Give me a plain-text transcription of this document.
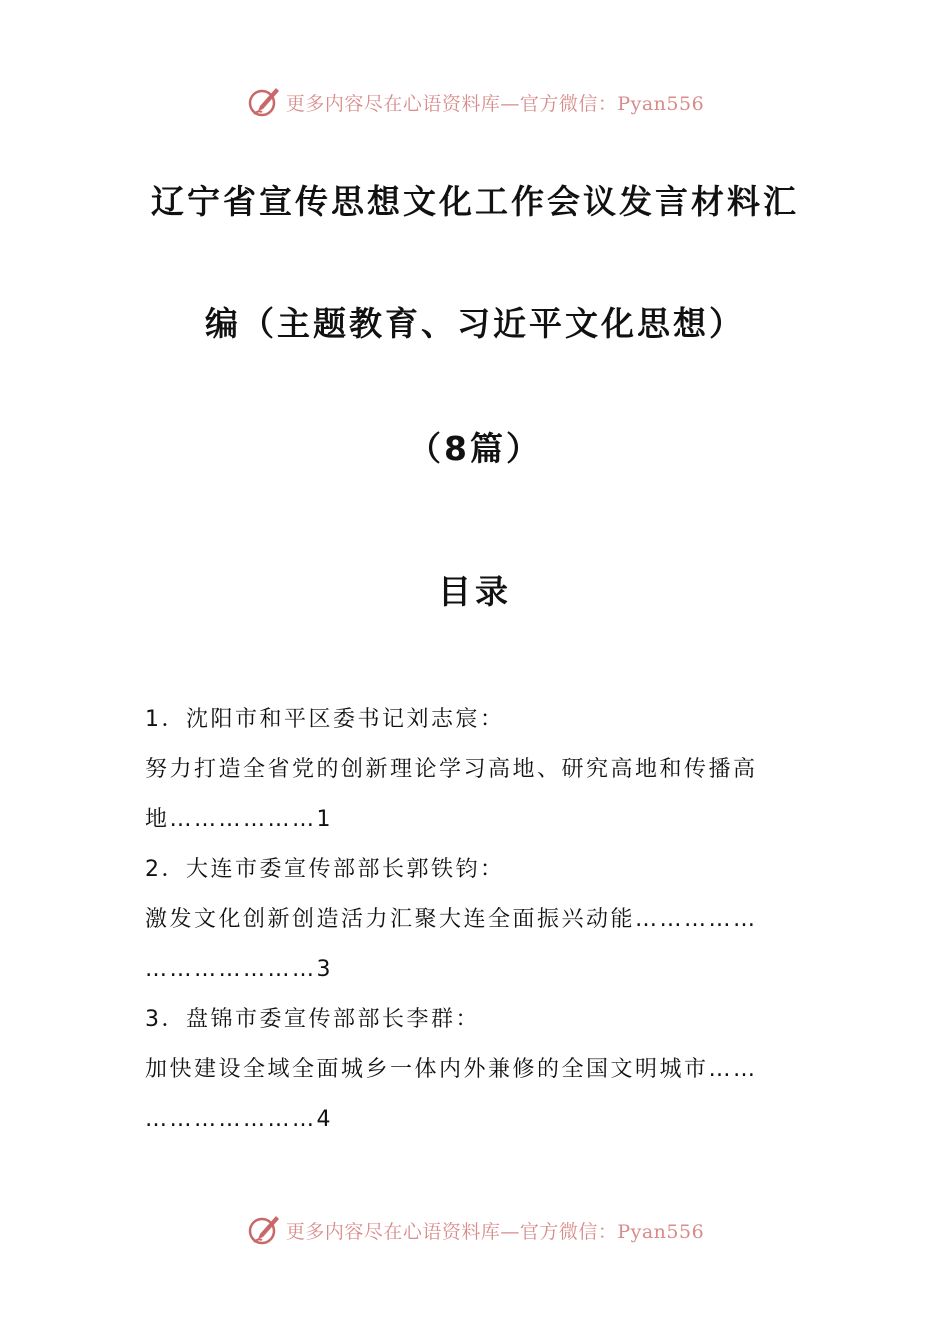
更多内容尽在心语资料库—官方微信：Pyan556
辽宁省宣传思想文化工作会议发言材料汇
编（主题教育、习近平文化思想）
（8篇）
目录
1．沈阳市和平区委书记刘志宸：
努力打造全省党的创新理论学习高地、研究高地和传播高
地………………1
2．大连市委宣传部部长郭铁钧：
激发文化创新创造活力汇聚大连全面振兴动能……………
…………………3
3．盘锦市委宣传部部长李群：
加快建设全域全面城乡一体内外兼修的全国文明城市……
…………………4
更多内容尽在心语资料库—官方微信：Pyan556
